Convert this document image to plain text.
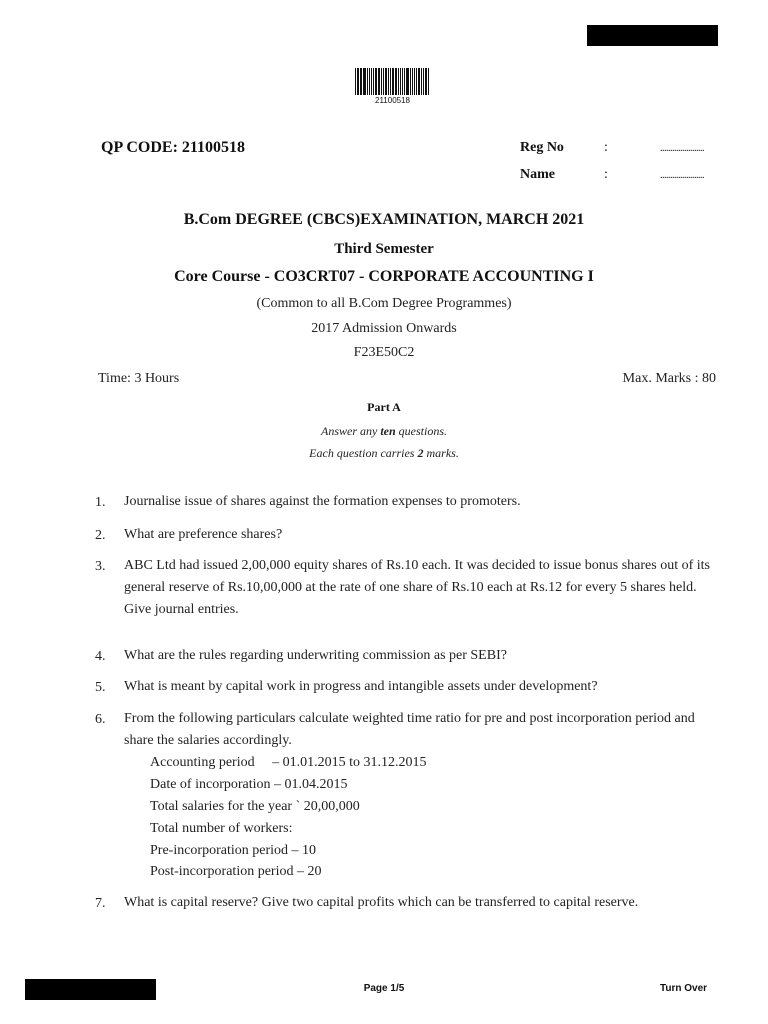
21100518
QP CODE: 21100518	Reg No	:	......................
Name	:	......................
B.Com DEGREE (CBCS)EXAMINATION, MARCH 2021
Third Semester
Core Course - CO3CRT07 - CORPORATE ACCOUNTING I
(Common to all B.Com Degree Programmes)
2017 Admission Onwards
F23E50C2
Time: 3 Hours	Max. Marks : 80
Part A
Answer any ten questions.
Each question carries 2 marks.
1. Journalise issue of shares against the formation expenses to promoters.
2. What are preference shares?
3. ABC Ltd had issued 2,00,000 equity shares of Rs.10 each. It was decided to issue bonus shares out of its general reserve of Rs.10,00,000 at the rate of one share of Rs.10 each at Rs.12 for every 5 shares held. Give journal entries.
4. What are the rules regarding underwriting commission as per SEBI?
5. What is meant by capital work in progress and intangible assets under development?
6. From the following particulars calculate weighted time ratio for pre and post incorporation period and share the salaries accordingly.
Accounting period     – 01.01.2015 to 31.12.2015
Date of incorporation – 01.04.2015
Total salaries for the year ` 20,00,000
Total number of workers:
Pre-incorporation period – 10
Post-incorporation period – 20
7. What is capital reserve? Give two capital profits which can be transferred to capital reserve.
Page 1/5	Turn Over
